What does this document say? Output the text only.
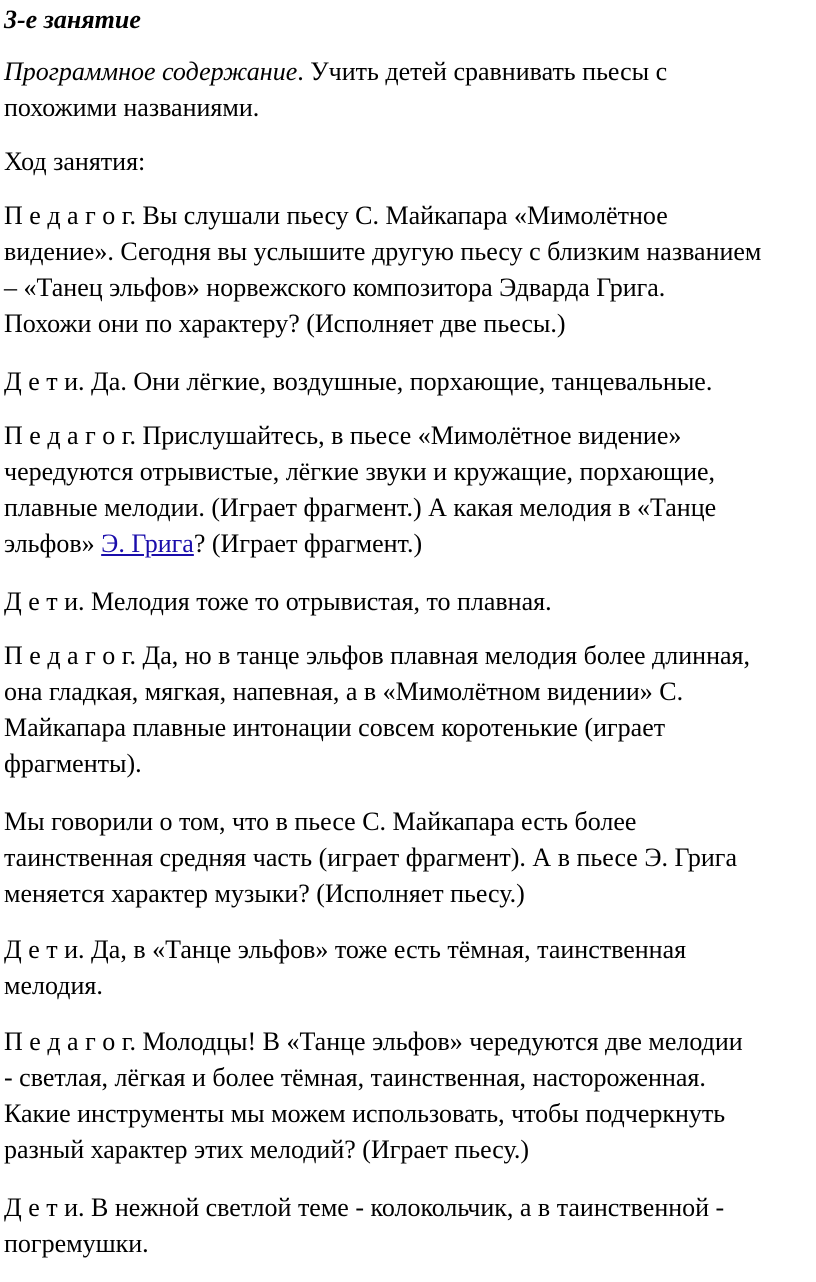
3-е занятие

Программное содержание. Учить детей сравнивать пьесы с
похожими названиями.

Ход занятия:

П е д а г о г. Вы слушали пьесу С. Майкапара «Мимолётное
видение». Сегодня вы услышите другую пьесу с близким названием
– «Танец эльфов» норвежского композитора Эдварда Грига.
Похожи они по характеру? (Исполняет две пьесы.)

Д е т и. Да. Они лёгкие, воздушные, порхающие, танцевальные.

П е д а г о г. Прислушайтесь, в пьесе «Мимолётное видение»
чередуются отрывистые, лёгкие звуки и кружащие, порхающие,
плавные мелодии. (Играет фрагмент.) А какая мелодия в «Танце
эльфов» Э. Грига? (Играет фрагмент.)

Д е т и. Мелодия тоже то отрывистая, то плавная.

П е д а г о г. Да, но в танце эльфов плавная мелодия более длинная,
она гладкая, мягкая, напевная, а в «Мимолётном видении» С.
Майкапара плавные интонации совсем коротенькие (играет
фрагменты).

Мы говорили о том, что в пьесе С. Майкапара есть более
таинственная средняя часть (играет фрагмент). А в пьесе Э. Грига
меняется характер музыки? (Исполняет пьесу.)

Д е т и. Да, в «Танце эльфов» тоже есть тёмная, таинственная
мелодия.

П е д а г о г. Молодцы! В «Танце эльфов» чередуются две мелодии
- светлая, лёгкая и более тёмная, таинственная, настороженная.
Какие инструменты мы можем использовать, чтобы подчеркнуть
разный характер этих мелодий? (Играет пьесу.)

Д е т и. В нежной светлой теме - колокольчик, а в таинственной -
погремушки.
